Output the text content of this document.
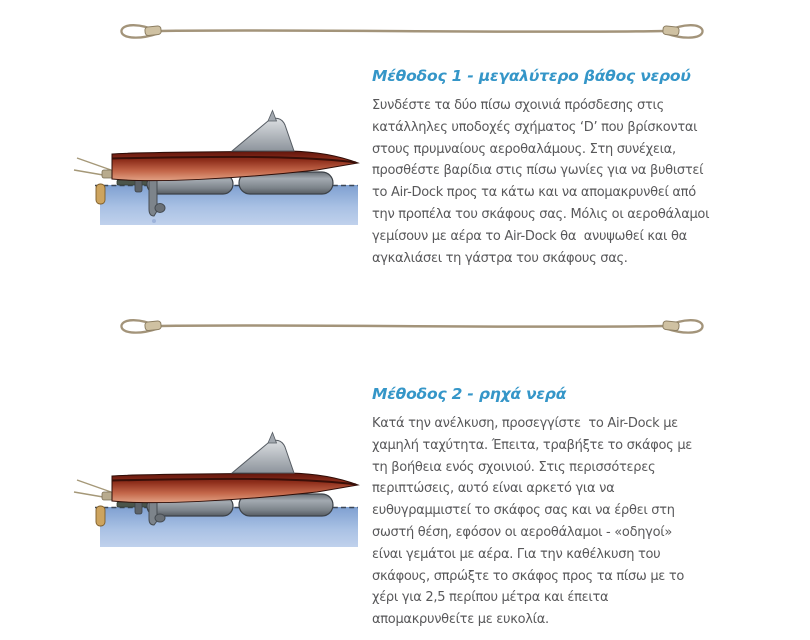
Μέθοδος 1 - μεγαλύτερο βάθος νερού
Συνδέστε τα δύο πίσω σχοινιά πρόσδεσης στις
κατάλληλες υποδοχές σχήματος ‘D’ που βρίσκονται
στους πρυμναίους αεροθαλάμους. Στη συνέχεια,
προσθέστε βαρίδια στις πίσω γωνίες για να βυθιστεί
το Air-Dock προς τα κάτω και να απομακρυνθεί από
την προπέλα του σκάφους σας. Μόλις οι αεροθάλαμοι
γεμίσουν με αέρα το Air-Dock θα  ανυψωθεί και θα
αγκαλιάσει τη γάστρα του σκάφους σας.
Μέθοδος 2 - ρηχά νερά
Κατά την ανέλκυση, προσεγγίστε  το Air-Dock με
χαμηλή ταχύτητα. Έπειτα, τραβήξτε το σκάφος με
τη βοήθεια ενός σχοινιού. Στις περισσότερες
περιπτώσεις, αυτό είναι αρκετό για να
ευθυγραμμιστεί το σκάφος σας και να έρθει στη
σωστή θέση, εφόσον οι αεροθάλαμοι - «οδηγοί»
είναι γεμάτοι με αέρα. Για την καθέλκυση του
σκάφους, σπρώξτε το σκάφος προς τα πίσω με το
χέρι για 2,5 περίπου μέτρα και έπειτα
απομακρυνθείτε με ευκολία.
